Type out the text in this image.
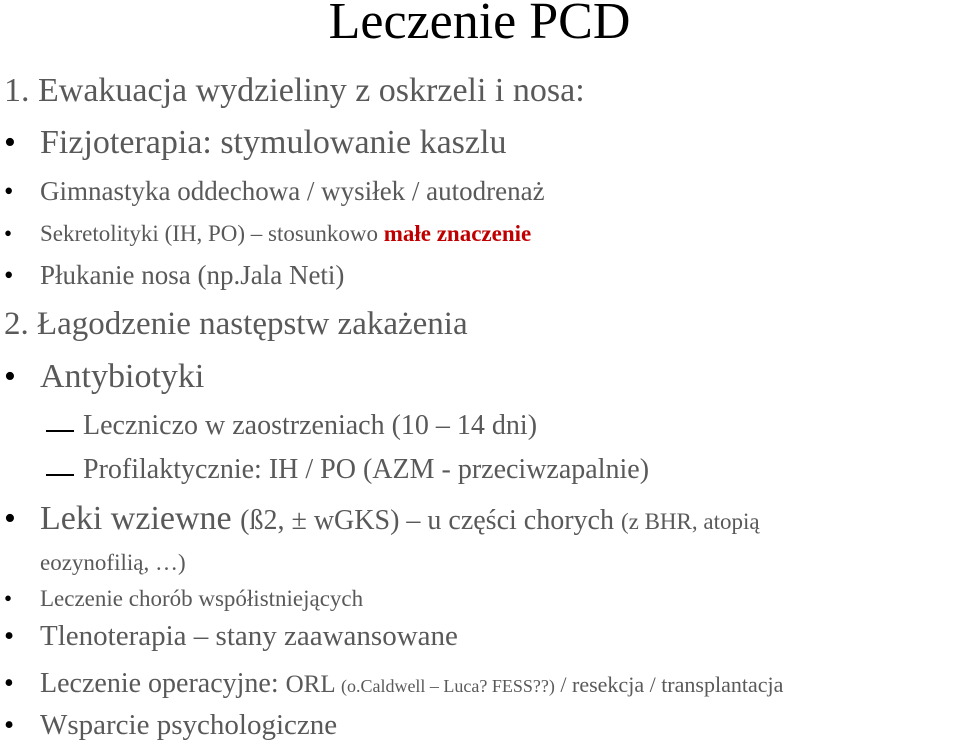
Leczenie PCD
1. Ewakuacja wydzieliny z oskrzeli i nosa:
• Fizjoterapia: stymulowanie kaszlu
• Gimnastyka oddechowa / wysiłek / autodrenaż
• Sekretolityki (IH, PO) – stosunkowo małe znaczenie
• Płukanie nosa (np.Jala Neti)
2. Łagodzenie następstw zakażenia
• Antybiotyki
Leczniczo w zaostrzeniach (10 – 14 dni)
Profilaktycznie: IH / PO (AZM - przeciwzapalnie)
• Leki wziewne (ß2, ± wGKS) – u części chorych (z BHR, atopią
eozynofilią, …)
• Leczenie chorób współistniejących
• Tlenoterapia – stany zaawansowane
• Leczenie operacyjne: ORL (o.Caldwell – Luca? FESS??) / resekcja / transplantacja
• Wsparcie psychologiczne
